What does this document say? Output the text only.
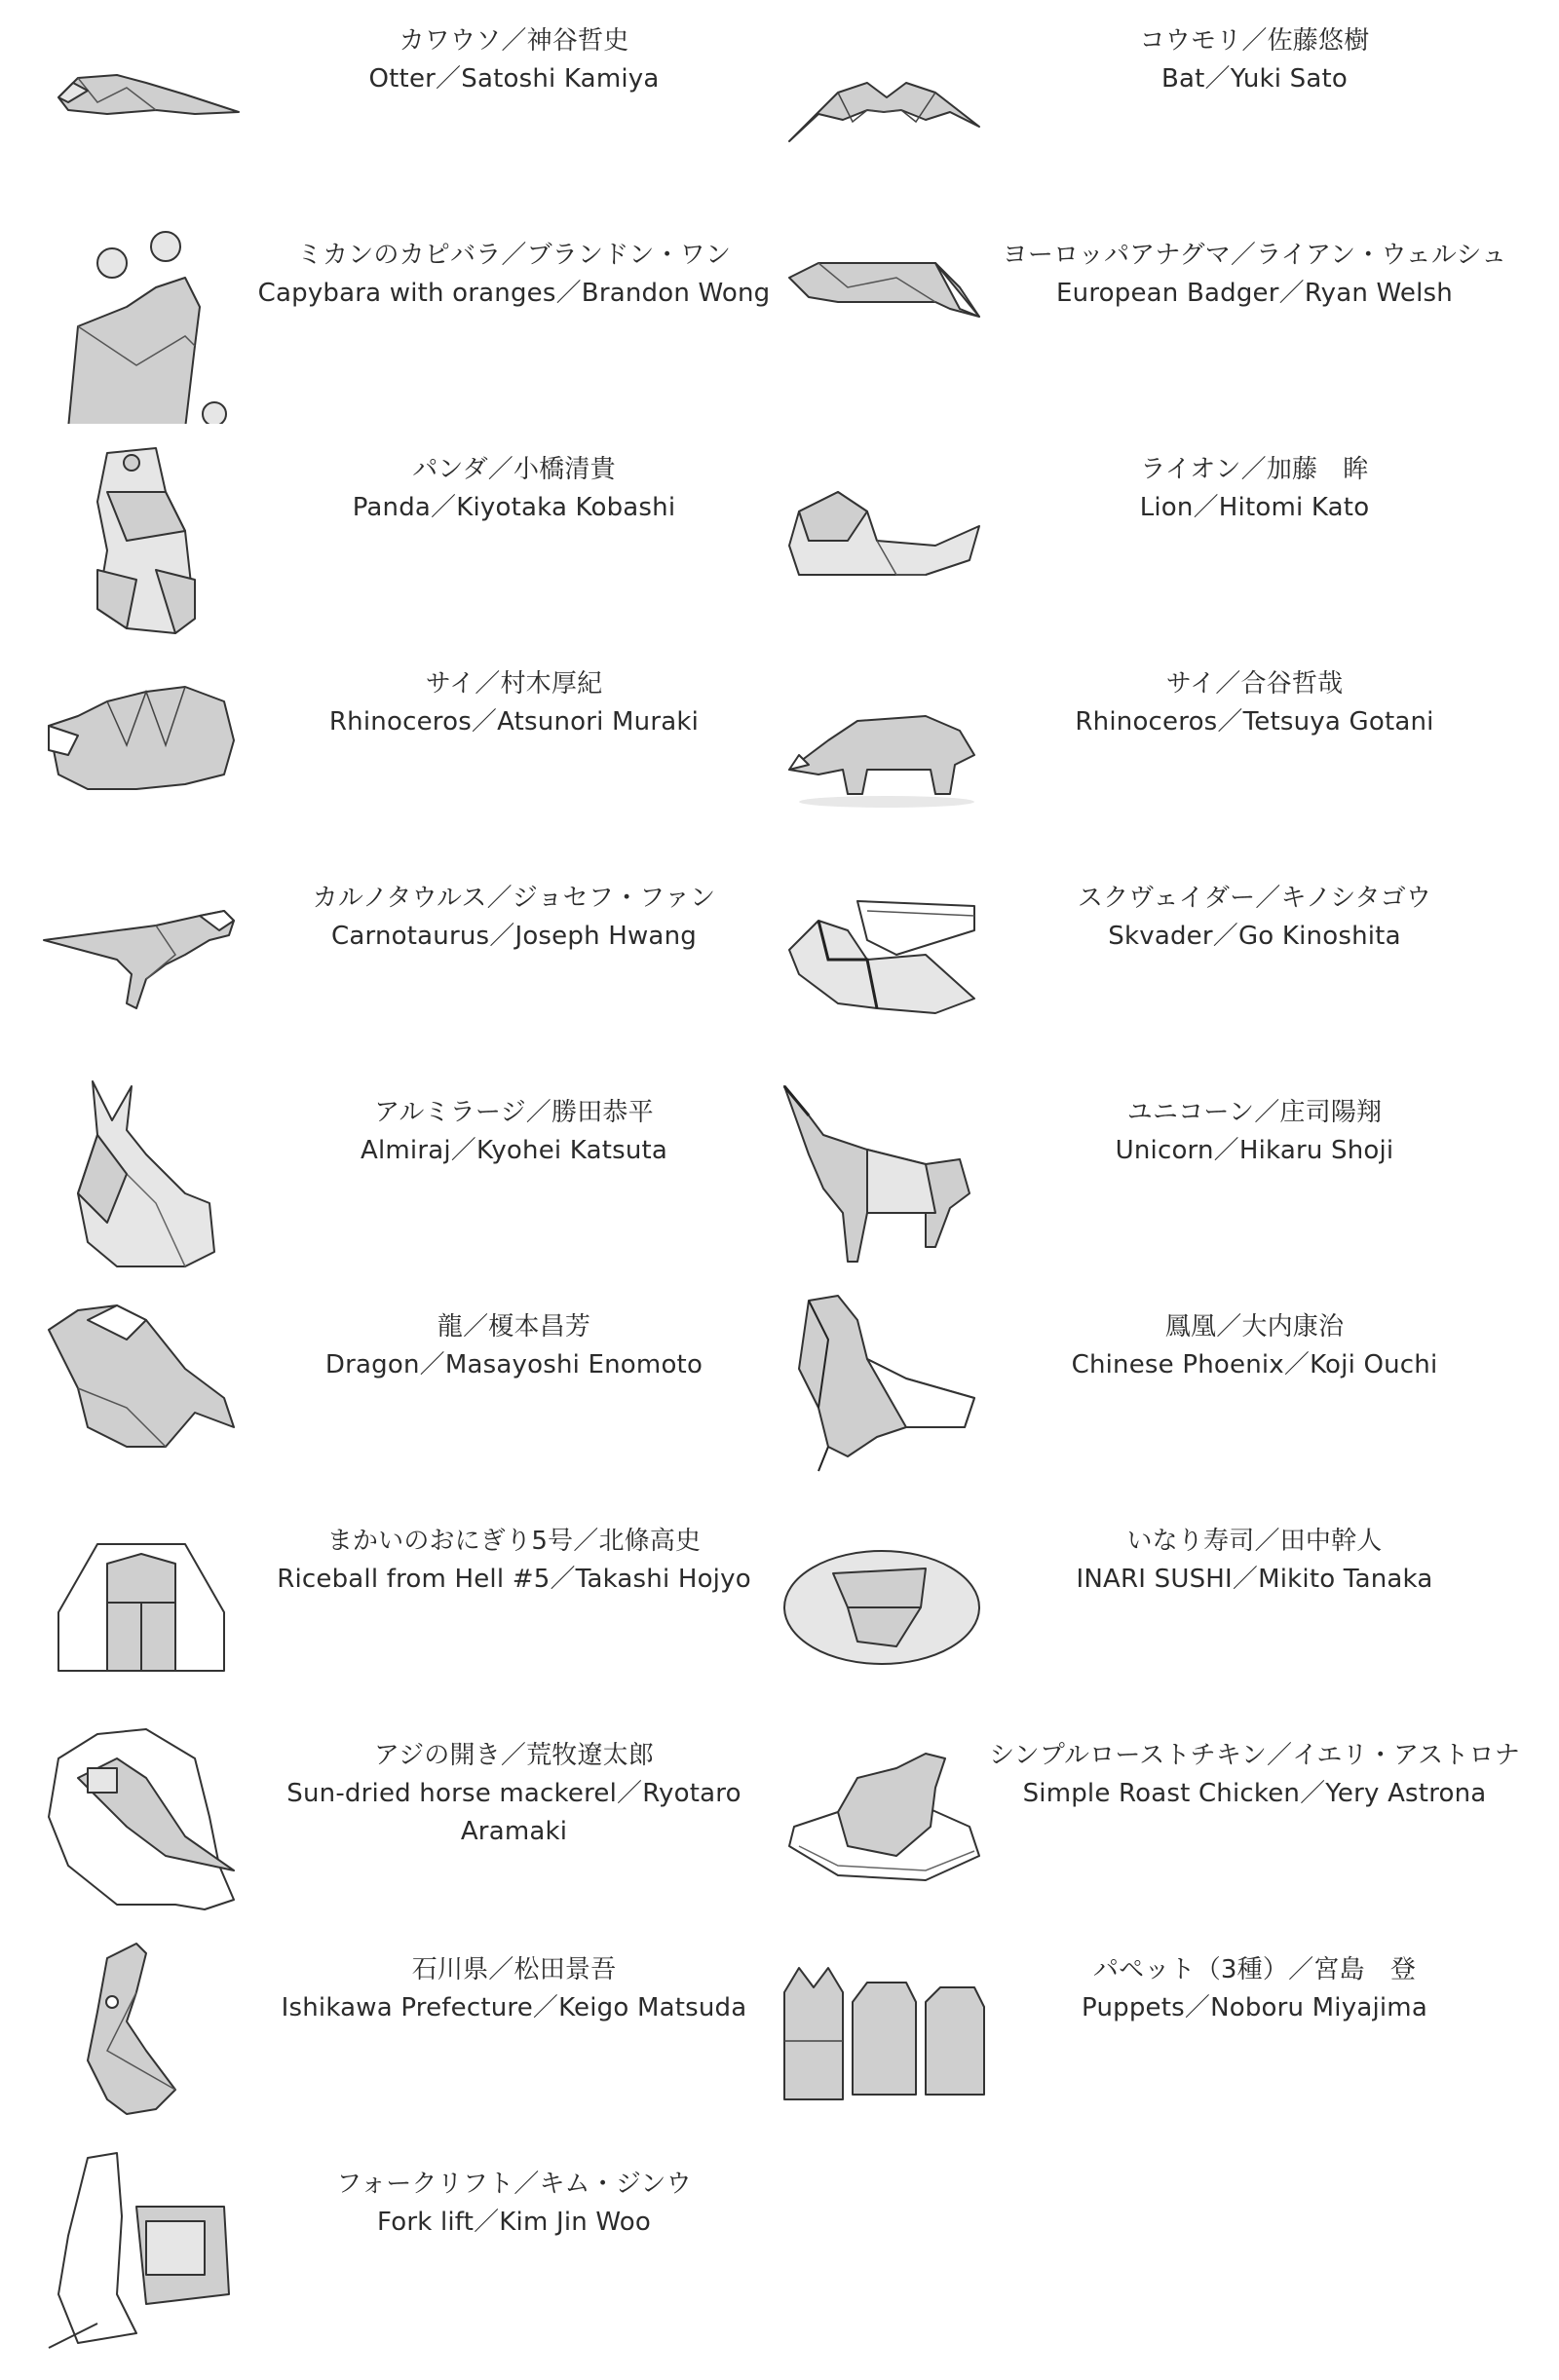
カワウソ／神谷哲史
Otter／Satoshi Kamiya
コウモリ／佐藤悠樹
Bat／Yuki Sato
ミカンのカピバラ／ブランドン・ワン
Capybara with oranges／Brandon Wong
ヨーロッパアナグマ／ライアン・ウェルシュ
European Badger／Ryan Welsh
パンダ／小橋清貴
Panda／Kiyotaka Kobashi
ライオン／加藤　眸
Lion／Hitomi Kato
サイ／村木厚紀
Rhinoceros／Atsunori Muraki
サイ／合谷哲哉
Rhinoceros／Tetsuya Gotani
カルノタウルス／ジョセフ・ファン
Carnotaurus／Joseph Hwang
スクヴェイダー／キノシタゴウ
Skvader／Go Kinoshita
アルミラージ／勝田恭平
Almiraj／Kyohei Katsuta
ユニコーン／庄司陽翔
Unicorn／Hikaru Shoji
龍／榎本昌芳
Dragon／Masayoshi Enomoto
鳳凰／大内康治
Chinese Phoenix／Koji Ouchi
まかいのおにぎり5号／北條高史
Riceball from Hell #5／Takashi Hojyo
いなり寿司／田中幹人
INARI SUSHI／Mikito Tanaka
アジの開き／荒牧遼太郎
Sun-dried horse mackerel／Ryotaro Aramaki
シンプルローストチキン／イエリ・アストロナ
Simple Roast Chicken／Yery Astrona
石川県／松田景吾
Ishikawa Prefecture／Keigo Matsuda
パペット（3種）／宮島　登
Puppets／Noboru Miyajima
フォークリフト／キム・ジンウ
Fork lift／Kim Jin Woo
